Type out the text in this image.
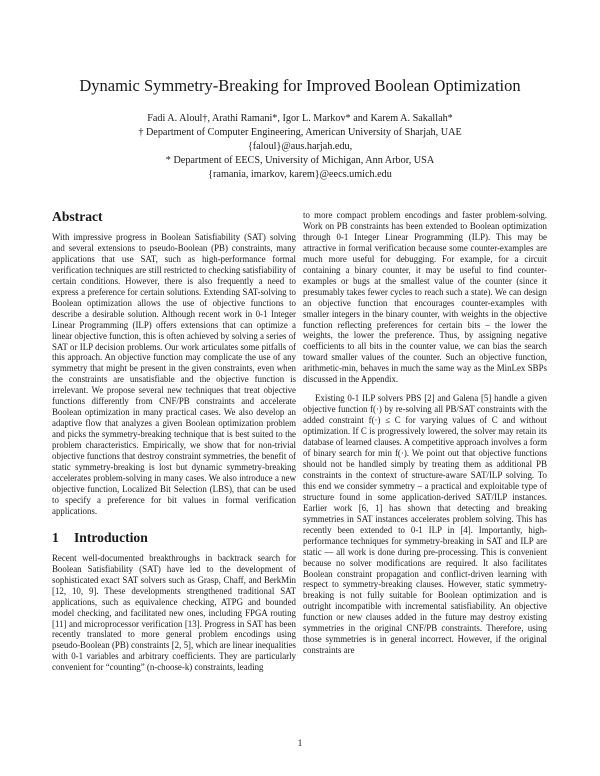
Dynamic Symmetry-Breaking for Improved Boolean Optimization
Fadi A. Aloul†, Arathi Ramani*, Igor L. Markov* and Karem A. Sakallah*
† Department of Computer Engineering, American University of Sharjah, UAE
{faloul}@aus.harjah.edu,
* Department of EECS, University of Michigan, Ann Arbor, USA
{ramania, imarkov, karem}@eecs.umich.edu
Abstract

With impressive progress in Boolean Satisfiability (SAT) solving and several extensions to pseudo-Boolean (PB) constraints, many applications that use SAT, such as high-performance formal verification techniques are still restricted to checking satisfiability of certain conditions. However, there is also frequently a need to express a preference for certain solutions. Extending SAT-solving to Boolean optimization allows the use of objective functions to describe a desirable solution. Although recent work in 0-1 Integer Linear Programming (ILP) offers extensions that can optimize a linear objective function, this is often achieved by solving a series of SAT or ILP decision problems. Our work articulates some pitfalls of this approach. An objective function may complicate the use of any symmetry that might be present in the given constraints, even when the constraints are unsatisfiable and the objective function is irrelevant. We propose several new techniques that treat objective functions differently from CNF/PB constraints and accelerate Boolean optimization in many practical cases. We also develop an adaptive flow that analyzes a given Boolean optimization problem and picks the symmetry-breaking technique that is best suited to the problem characteristics. Empirically, we show that for non-trivial objective functions that destroy constraint symmetries, the benefit of static symmetry-breaking is lost but dynamic symmetry-breaking accelerates problem-solving in many cases. We also introduce a new objective function, Localized Bit Selection (LBS), that can be used to specify a preference for bit values in formal verification applications.

1 Introduction

Recent well-documented breakthroughs in backtrack search for Boolean Satisfiability (SAT) have led to the development of sophisticated exact SAT solvers such as Grasp, Chaff, and BerkMin [12, 10, 9]. These developments strengthened traditional SAT applications, such as equivalence checking, ATPG and bounded model checking, and facilitated new ones, including FPGA routing [11] and microprocessor verification [13]. Progress in SAT has been recently translated to more general problem encodings using pseudo-Boolean (PB) constraints [2, 5], which are linear inequalities with 0-1 variables and arbitrary coefficients. They are particularly convenient for “counting” (n-choose-k) constraints, leading

to more compact problem encodings and faster problem-solving. Work on PB constraints has been extended to Boolean optimization through 0-1 Integer Linear Programming (ILP). This may be attractive in formal verification because some counter-examples are much more useful for debugging. For example, for a circuit containing a binary counter, it may be useful to find counter-examples or bugs at the smallest value of the counter (since it presumably takes fewer cycles to reach such a state). We can design an objective function that encourages counter-examples with smaller integers in the binary counter, with weights in the objective function reflecting preferences for certain bits – the lower the weights, the lower the preference. Thus, by assigning negative coefficients to all bits in the counter value, we can bias the search toward smaller values of the counter. Such an objective function, arithmetic-min, behaves in much the same way as the MinLex SBPs discussed in the Appendix.

Existing 0-1 ILP solvers PBS [2] and Galena [5] handle a given objective function f(·) by re-solving all PB/SAT constraints with the added constraint f(·) ≤ C for varying values of C and without optimization. If C is progressively lowered, the solver may retain its database of learned clauses. A competitive approach involves a form of binary search for min f(·). We point out that objective functions should not be handled simply by treating them as additional PB constraints in the context of structure-aware SAT/ILP solving. To this end we consider symmetry – a practical and exploitable type of structure found in some application-derived SAT/ILP instances. Earlier work [6, 1] has shown that detecting and breaking symmetries in SAT instances accelerates problem solving. This has recently been extended to 0-1 ILP in [4]. Importantly, high-performance techniques for symmetry-breaking in SAT and ILP are static — all work is done during pre-processing. This is convenient because no solver modifications are required. It also facilitates Boolean constraint propagation and conflict-driven learning with respect to symmetry-breaking clauses. However, static symmetry-breaking is not fully suitable for Boolean optimization and is outright incompatible with incremental satisfiability. An objective function or new clauses added in the future may destroy existing symmetries in the original CNF/PB constraints. Therefore, using those symmetries is in general incorrect. However, if the original constraints are

1
